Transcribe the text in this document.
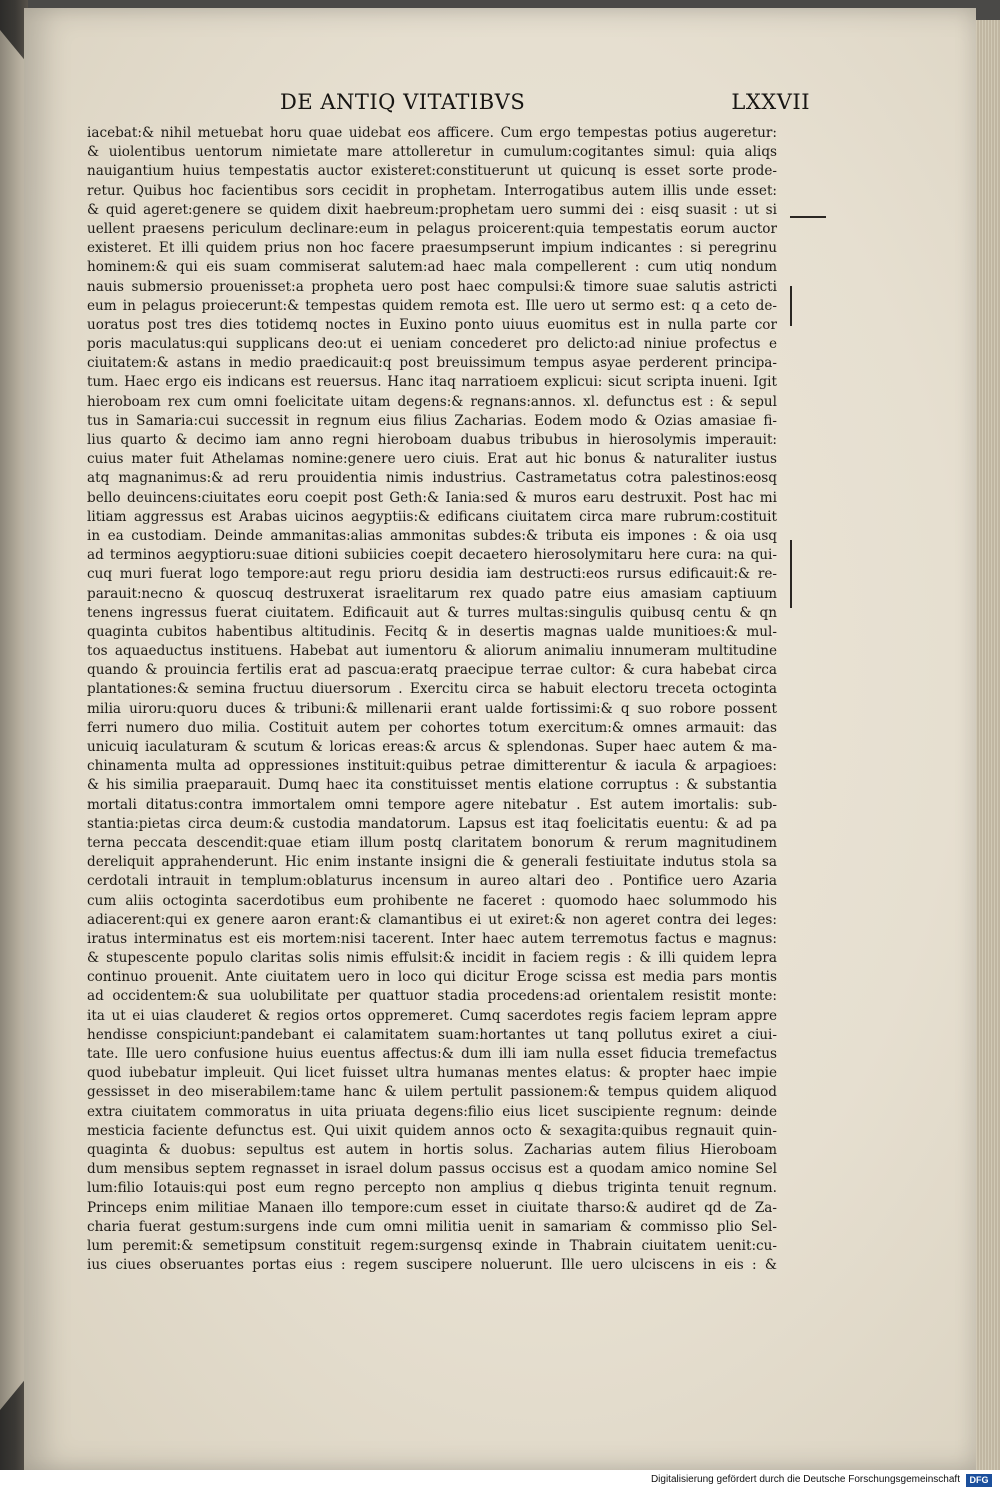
DE ANTIQ VITATIBVS	LXXVII
iacebat:& nihil metuebat horu quae uidebat eos afficere. Cum ergo tempestas potius augeretur:
& uiolentibus uentorum nimietate mare attolleretur in cumulum:cogitantes simul: quia aliqs
nauigantium huius tempestatis auctor existeret:constituerunt ut quicunq is esset sorte prode-
retur. Quibus hoc facientibus sors cecidit in prophetam. Interrogatibus autem illis unde esset:
& quid ageret:genere se quidem dixit haebreum:prophetam uero summi dei : eisq suasit : ut si
uellent praesens periculum declinare:eum in pelagus proicerent:quia tempestatis eorum auctor
existeret. Et illi quidem prius non hoc facere praesumpserunt impium indicantes : si peregrinu
hominem:& qui eis suam commiserat salutem:ad haec mala compellerent : cum utiq nondum
nauis submersio prouenisset:a propheta uero post haec compulsi:& timore suae salutis astricti
eum in pelagus proiecerunt:& tempestas quidem remota est. Ille uero ut sermo est: q a ceto de-
uoratus post tres dies totidemq noctes in Euxino ponto uiuus euomitus est in nulla parte cor
poris maculatus:qui supplicans deo:ut ei ueniam concederet pro delicto:ad niniue profectus e
ciuitatem:& astans in medio praedicauit:q post breuissimum tempus asyae perderent principa-
tum. Haec ergo eis indicans est reuersus. Hanc itaq narratioem explicui: sicut scripta inueni. Igit
hieroboam rex cum omni foelicitate uitam degens:& regnans:annos. xl. defunctus est : & sepul
tus in Samaria:cui successit in regnum eius filius Zacharias. Eodem modo & Ozias amasiae fi-
lius quarto & decimo iam anno regni hieroboam duabus tribubus in hierosolymis imperauit:
cuius mater fuit Athelamas nomine:genere uero ciuis. Erat aut hic bonus & naturaliter iustus
atq magnanimus:& ad reru prouidentia nimis industrius. Castrametatus cotra palestinos:eosq
bello deuincens:ciuitates eoru coepit post Geth:& Iania:sed & muros earu destruxit. Post hac mi
litiam aggressus est Arabas uicinos aegyptiis:& edificans ciuitatem circa mare rubrum:costituit
in ea custodiam. Deinde ammanitas:alias ammonitas subdes:& tributa eis impones : & oia usq
ad terminos aegyptioru:suae ditioni subiicies coepit decaetero hierosolymitaru here cura: na qui-
cuq muri fuerat logo tempore:aut regu prioru desidia iam destructi:eos rursus edificauit:& re-
parauit:necno & quoscuq destruxerat israelitarum rex quado patre eius amasiam captiuum
tenens ingressus fuerat ciuitatem. Edificauit aut & turres multas:singulis quibusq centu & qn
quaginta cubitos habentibus altitudinis. Fecitq & in desertis magnas ualde munitioes:& mul-
tos aquaeductus instituens. Habebat aut iumentoru & aliorum animaliu innumeram multitudine
quando & prouincia fertilis erat ad pascua:eratq praecipue terrae cultor: & cura habebat circa
plantationes:& semina fructuu diuersorum . Exercitu circa se habuit electoru treceta octoginta
milia uiroru:quoru duces & tribuni:& millenarii erant ualde fortissimi:& q suo robore possent
ferri numero duo milia. Costituit autem per cohortes totum exercitum:& omnes armauit: das
unicuiq iaculaturam & scutum & loricas ereas:& arcus & splendonas. Super haec autem & ma-
chinamenta multa ad oppressiones instituit:quibus petrae dimitterentur & iacula & arpagioes:
& his similia praeparauit. Dumq haec ita constituisset mentis elatione corruptus : & substantia
mortali ditatus:contra immortalem omni tempore agere nitebatur . Est autem imortalis: sub-
stantia:pietas circa deum:& custodia mandatorum. Lapsus est itaq foelicitatis euentu: & ad pa
terna peccata descendit:quae etiam illum postq claritatem bonorum & rerum magnitudinem
dereliquit apprahenderunt. Hic enim instante insigni die & generali festiuitate indutus stola sa
cerdotali intrauit in templum:oblaturus incensum in aureo altari deo . Pontifice uero Azaria
cum aliis octoginta sacerdotibus eum prohibente ne faceret : quomodo haec solummodo his
adiacerent:qui ex genere aaron erant:& clamantibus ei ut exiret:& non ageret contra dei leges:
iratus interminatus est eis mortem:nisi tacerent. Inter haec autem terremotus factus e magnus:
& stupescente populo claritas solis nimis effulsit:& incidit in faciem regis : & illi quidem lepra
continuo prouenit. Ante ciuitatem uero in loco qui dicitur Eroge scissa est media pars montis
ad occidentem:& sua uolubilitate per quattuor stadia procedens:ad orientalem resistit monte:
ita ut ei uias clauderet & regios ortos oppremeret. Cumq sacerdotes regis faciem lepram appre
hendisse conspiciunt:pandebant ei calamitatem suam:hortantes ut tanq pollutus exiret a ciui-
tate. Ille uero confusione huius euentus affectus:& dum illi iam nulla esset fiducia tremefactus
quod iubebatur impleuit. Qui licet fuisset ultra humanas mentes elatus: & propter haec impie
gessisset in deo miserabilem:tame hanc & uilem pertulit passionem:& tempus quidem aliquod
extra ciuitatem commoratus in uita priuata degens:filio eius licet suscipiente regnum: deinde
mesticia faciente defunctus est. Qui uixit quidem annos octo & sexagita:quibus regnauit quin-
quaginta & duobus: sepultus est autem in hortis solus. Zacharias autem filius Hieroboam
dum mensibus septem regnasset in israel dolum passus occisus est a quodam amico nomine Sel
lum:filio Iotauis:qui post eum regno percepto non amplius q diebus triginta tenuit regnum.
Princeps enim militiae Manaen illo tempore:cum esset in ciuitate tharso:& audiret qd de Za-
charia fuerat gestum:surgens inde cum omni militia uenit in samariam & commisso plio Sel-
lum peremit:& semetipsum constituit regem:surgensq exinde in Thabrain ciuitatem uenit:cu-
ius ciues obseruantes portas eius : regem suscipere noluerunt. Ille uero ulciscens in eis : &
Digitalisierung gefördert durch die Deutsche Forschungsgemeinschaft	DFG
